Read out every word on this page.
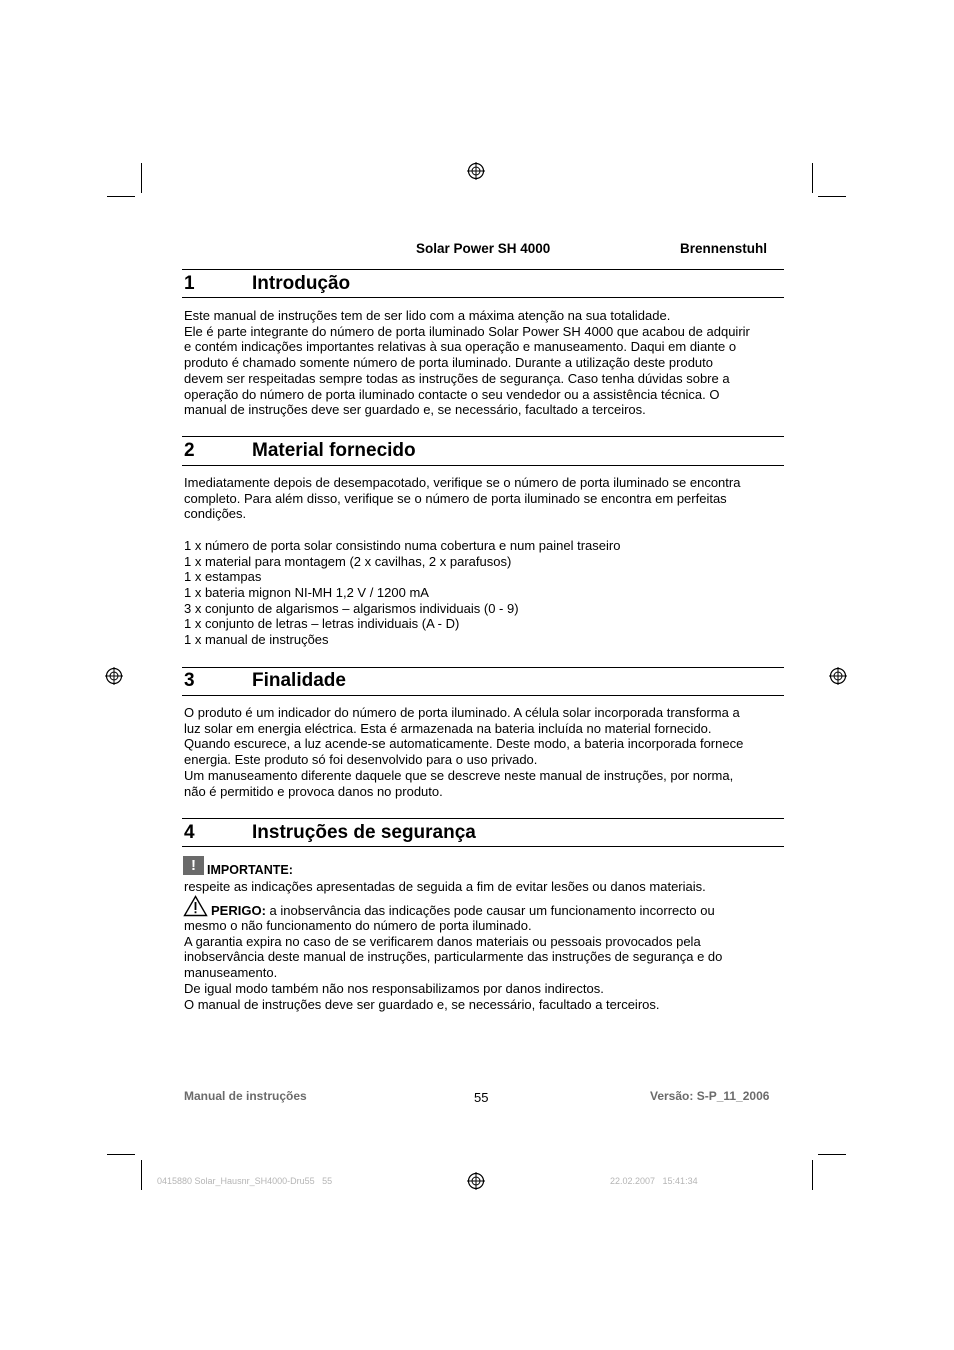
Solar Power SH 4000	Brennenstuhl
1	Introdução
Este manual de instruções tem de ser lido com a máxima atenção na sua totalidade.
Ele é parte integrante do número de porta iluminado Solar Power SH 4000 que acabou de adquirir
e contém indicações importantes relativas à sua operação e manuseamento. Daqui em diante o
produto é chamado somente número de porta iluminado. Durante a utilização deste produto
devem ser respeitadas sempre todas as instruções de segurança. Caso tenha dúvidas sobre a
operação do número de porta iluminado contacte o seu vendedor ou a assistência técnica. O
manual de instruções deve ser guardado e, se necessário, facultado a terceiros.
2	Material fornecido
Imediatamente depois de desempacotado, verifique se o número de porta iluminado se encontra
completo. Para além disso, verifique se o número de porta iluminado se encontra em perfeitas
condições.
1 x número de porta solar consistindo numa cobertura e num painel traseiro
1 x material para montagem (2 x cavilhas, 2 x parafusos)
1 x estampas
1 x bateria mignon NI-MH 1,2 V / 1200 mA
3 x conjunto de algarismos – algarismos individuais (0 - 9)
1 x conjunto de letras – letras individuais (A - D)
1 x manual de instruções
3	Finalidade
O produto é um indicador do número de porta iluminado. A célula solar incorporada transforma a
luz solar em energia eléctrica. Esta é armazenada na bateria incluída no material fornecido.
Quando escurece, a luz acende-se automaticamente. Deste modo, a bateria incorporada fornece
energia. Este produto só foi desenvolvido para o uso privado.
Um manuseamento diferente daquele que se descreve neste manual de instruções, por norma,
não é permitido e provoca danos no produto.
4	Instruções de segurança
! IMPORTANTE:
respeite as indicações apresentadas de seguida a fim de evitar lesões ou danos materiais.
PERIGO: a inobservância das indicações pode causar um funcionamento incorrecto ou
mesmo o não funcionamento do número de porta iluminado.
A garantia expira no caso de se verificarem danos materiais ou pessoais provocados pela
inobservância deste manual de instruções, particularmente das instruções de segurança e do
manuseamento.
De igual modo também não nos responsabilizamos por danos indirectos.
O manual de instruções deve ser guardado e, se necessário, facultado a terceiros.
Manual de instruções	55	Versão: S-P_11_2006
0415880 Solar_Hausnr_SH4000-Dru55   55	22.02.2007   15:41:34
